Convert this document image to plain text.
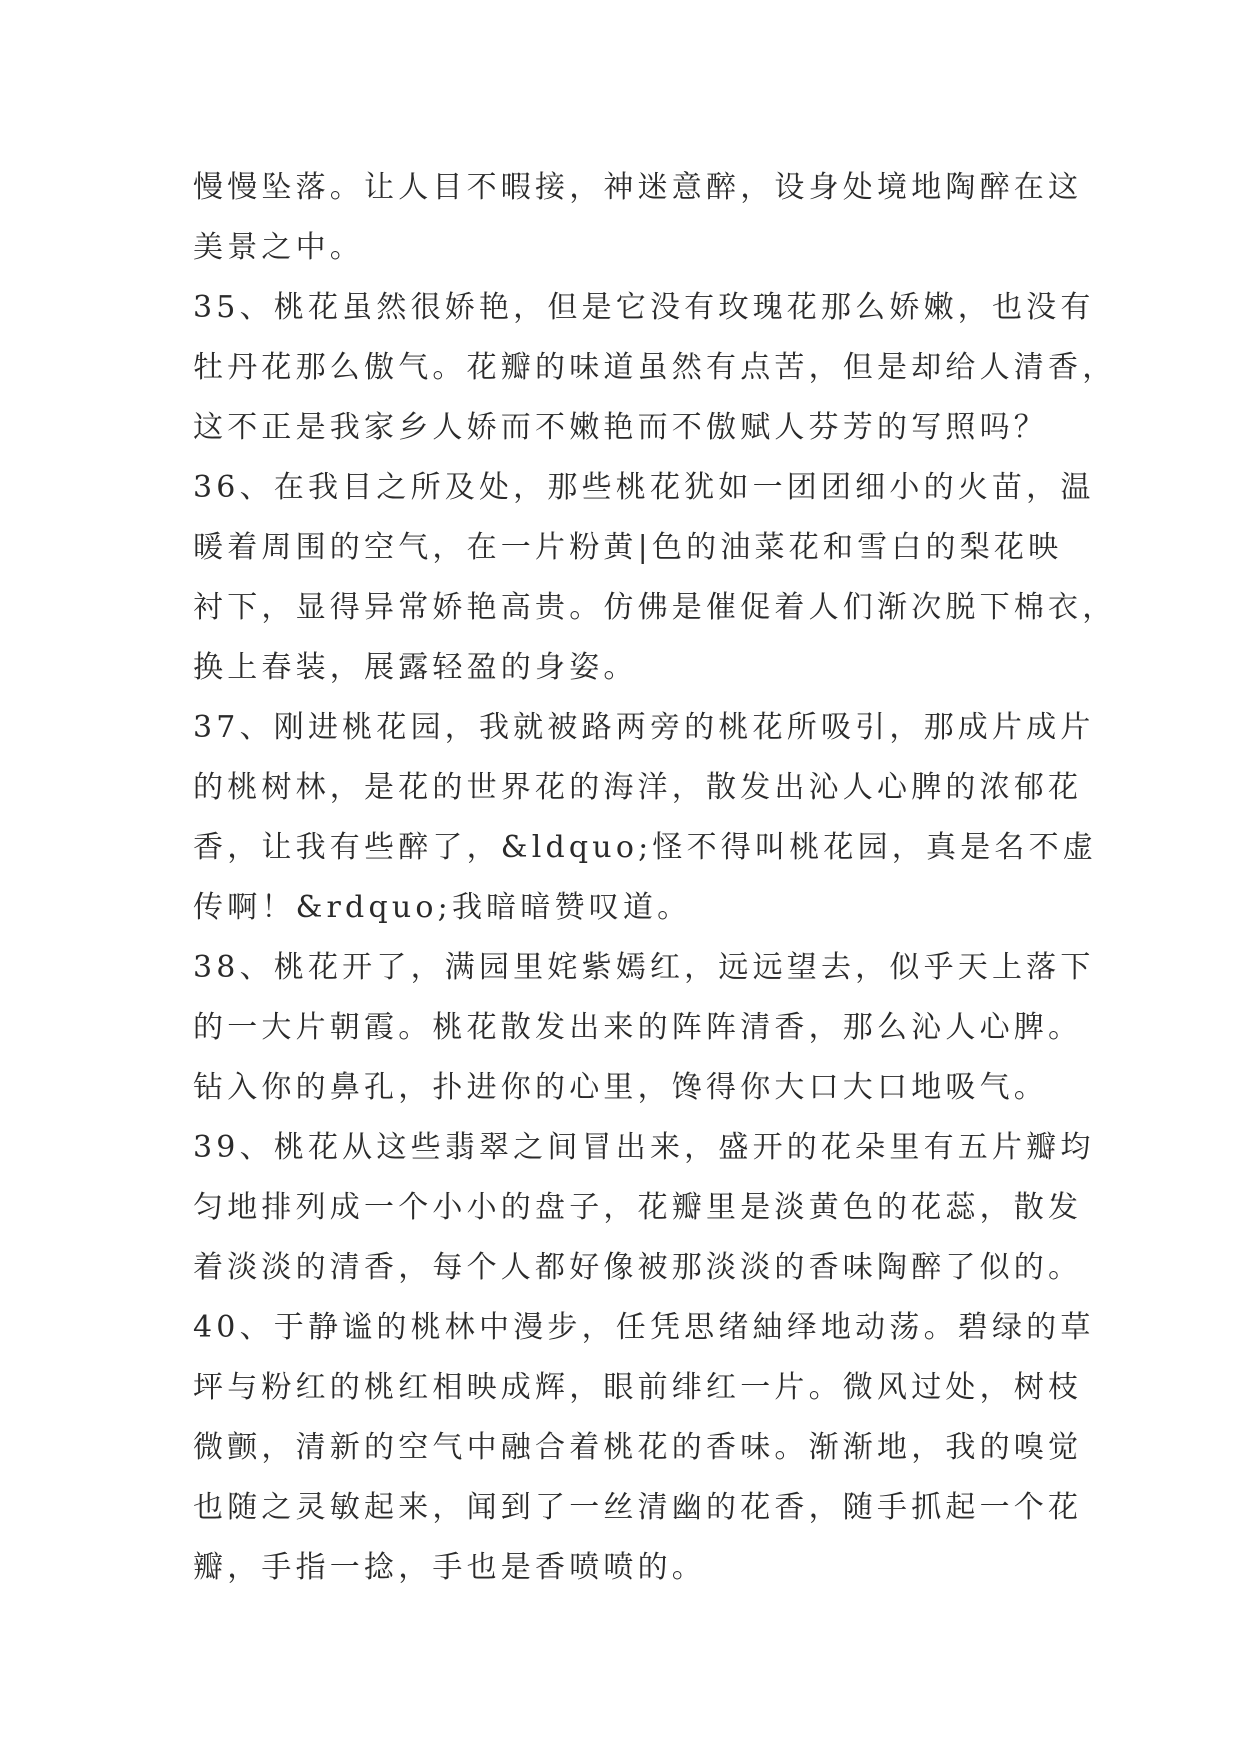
慢慢坠落。让人目不暇接，神迷意醉，设身处境地陶醉在这
美景之中。
35、桃花虽然很娇艳，但是它没有玫瑰花那么娇嫩，也没有
牡丹花那么傲气。花瓣的味道虽然有点苦，但是却给人清香，
这不正是我家乡人娇而不嫩艳而不傲赋人芬芳的写照吗？
36、在我目之所及处，那些桃花犹如一团团细小的火苗，温
暖着周围的空气，在一片粉黄|色的油菜花和雪白的梨花映
衬下，显得异常娇艳高贵。仿佛是催促着人们渐次脱下棉衣，
换上春装，展露轻盈的身姿。
37、刚进桃花园，我就被路两旁的桃花所吸引，那成片成片
的桃树林，是花的世界花的海洋，散发出沁人心脾的浓郁花
香，让我有些醉了，&ldquo;怪不得叫桃花园，真是名不虚
传啊！&rdquo;我暗暗赞叹道。
38、桃花开了，满园里姹紫嫣红，远远望去，似乎天上落下
的一大片朝霞。桃花散发出来的阵阵清香，那么沁人心脾。
钻入你的鼻孔，扑进你的心里，馋得你大口大口地吸气。
39、桃花从这些翡翠之间冒出来，盛开的花朵里有五片瓣均
匀地排列成一个小小的盘子，花瓣里是淡黄色的花蕊，散发
着淡淡的清香，每个人都好像被那淡淡的香味陶醉了似的。
40、于静谧的桃林中漫步，任凭思绪紬绎地动荡。碧绿的草
坪与粉红的桃红相映成辉，眼前绯红一片。微风过处，树枝
微颤，清新的空气中融合着桃花的香味。渐渐地，我的嗅觉
也随之灵敏起来，闻到了一丝清幽的花香，随手抓起一个花
瓣，手指一捻，手也是香喷喷的。
